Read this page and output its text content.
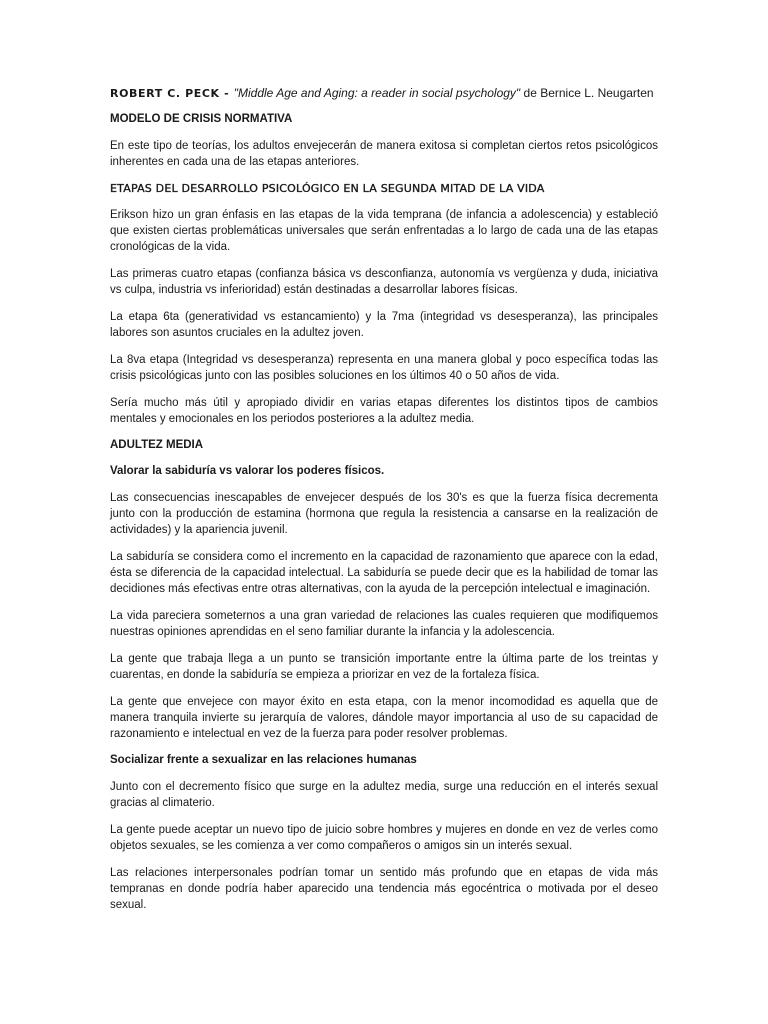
ROBERT C. PECK - "Middle Age and Aging: a reader in social psychology" de Bernice L. Neugarten
MODELO DE CRISIS NORMATIVA

En este tipo de teorías, los adultos envejecerán de manera exitosa si completan ciertos retos psicológicos inherentes en cada una de las etapas anteriores.

ETAPAS DEL DESARROLLO PSICOLÓGICO EN LA SEGUNDA MITAD DE LA VIDA

Erikson hizo un gran énfasis en las etapas de la vida temprana (de infancia a adolescencia) y estableció que existen ciertas problemáticas universales que serán enfrentadas a lo largo de cada una de las etapas cronológicas de la vida.

Las primeras cuatro etapas (confianza básica vs desconfianza, autonomía vs vergüenza y duda, iniciativa vs culpa, industria vs inferioridad) están destinadas a desarrollar labores físicas.

La etapa 6ta (generatividad vs estancamiento) y la 7ma (integridad vs desesperanza), las principales labores son asuntos cruciales en la adultez joven.

La 8va etapa (Integridad vs desesperanza) representa en una manera global y poco específica todas las crisis psicológicas junto con las posibles soluciones en los últimos 40 o 50 años de vida.

Sería mucho más útil y apropiado dividir en varias etapas diferentes los distintos tipos de cambios mentales y emocionales en los periodos posteriores a la adultez media.

ADULTEZ MEDIA
Valorar la sabiduría vs valorar los poderes físicos.

Las consecuencias inescapables de envejecer después de los 30's es que la fuerza física decrementa junto con la producción de estamina (hormona que regula la resistencia a cansarse en la realización de actividades) y la apariencia juvenil.

La sabiduría se considera como el incremento en la capacidad de razonamiento que aparece con la edad, ésta se diferencia de la capacidad intelectual. La sabiduría se puede decir que es la habilidad de tomar las decidiones más efectivas entre otras alternativas, con la ayuda de la percepción intelectual e imaginación.

La vida pareciera someternos a una gran variedad de relaciones las cuales requieren que modifiquemos nuestras opiniones aprendidas en el seno familiar durante la infancia y la adolescencia.

La gente que trabaja llega a un punto se transición importante entre la última parte de los treintas y cuarentas, en donde la sabiduría se empieza a priorizar en vez de la fortaleza física.

La gente que envejece con mayor éxito en esta etapa, con la menor incomodidad es aquella que de manera tranquila invierte su jerarquía de valores, dándole mayor importancia al uso de su capacidad de razonamiento e intelectual en vez de la fuerza para poder resolver problemas.

Socializar frente a sexualizar en las relaciones humanas

Junto con el decremento físico que surge en la adultez media, surge una reducción en el interés sexual gracias al climaterio.

La gente puede aceptar un nuevo tipo de juicio sobre hombres y mujeres en donde en vez de verles como objetos sexuales, se les comienza a ver como compañeros o amigos sin un interés sexual.

Las relaciones interpersonales podrían tomar un sentido más profundo que en etapas de vida más tempranas en donde podría haber aparecido una tendencia más egocéntrica o motivada por el deseo sexual.
